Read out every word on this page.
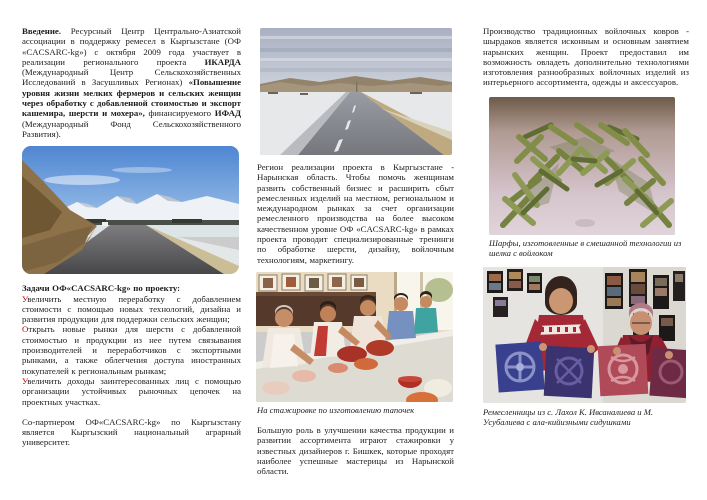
Введение. Ресурсный Центр Центрально-Азиатской ассоциации в поддержку ремесел в Кыргызстане (ОФ «CACSARC-kg») с октября 2009 года участвует в реализации регионального проекта ИКАРДА (Международный Центр Сельскохозяйственных Исследований в Засушливых Регионах) «Повышение уровня жизни мелких фермеров и сельских женщин через обработку с добавленной стоимостью и экспорт кашемира, шерсти и мохера», финансируемого ИФАД (Международный Фонд Сельскохозяйственного Развития).

Задачи ОФ«CACSARC-kg» по проекту:

Увеличить местную переработку с добавлением стоимости с помощью новых технологий, дизайна и развития продукции для поддержки сельских женщин;

Открыть новые рынки для шерсти с добавленной стоимостью и продукции из нее путем связывания производителей и переработчиков с экспортными рынками, а также облегчения доступа иностранных покупателей к региональным рынкам;

Увеличить доходы заинтересованных лиц с помощью организации устойчивых рыночных цепочек на проектных участках.

Со-партнером ОФ«CACSARC-kg» по Кыргызстану является Кыргызский национальный аграрный университет.

Регион реализации проекта в Кыргызстане - Нарынская область. Чтобы помочь женщинам развить собственный бизнес и расширить сбыт ремесленных изделий на местном, региональном и международном рынках за счет организации ремесленного производства на более высоком качественном уровне ОФ «CACSARC-kg» в рамках проекта проводит специализированные тренинги по обработке шерсти, дизайну, войлочным технологиям, маркетингу.

На стажировке по изготовлению тапочек

Большую роль в улучшении качества продукции и развитии ассортимента играют стажировки у известных дизайнеров г. Бишкек, которые проходят наиболее успешные мастерицы из Нарынской области.

Производство традиционных войлочных ковров - шырдаков является исконным и основным занятием нарынских женщин. Проект предоставил им возможность овладеть дополнительно технологиями изготовления разнообразных войлочных изделий из интерьерного ассортимента, одежды и аксессуаров.

Шарфы, изготовленные в смешанной технологии из шелка с войлоком

Ремесленницы из с. Лахол К. Ивсаналиева и М. Усубалиева с ала-кийизными сидушками
